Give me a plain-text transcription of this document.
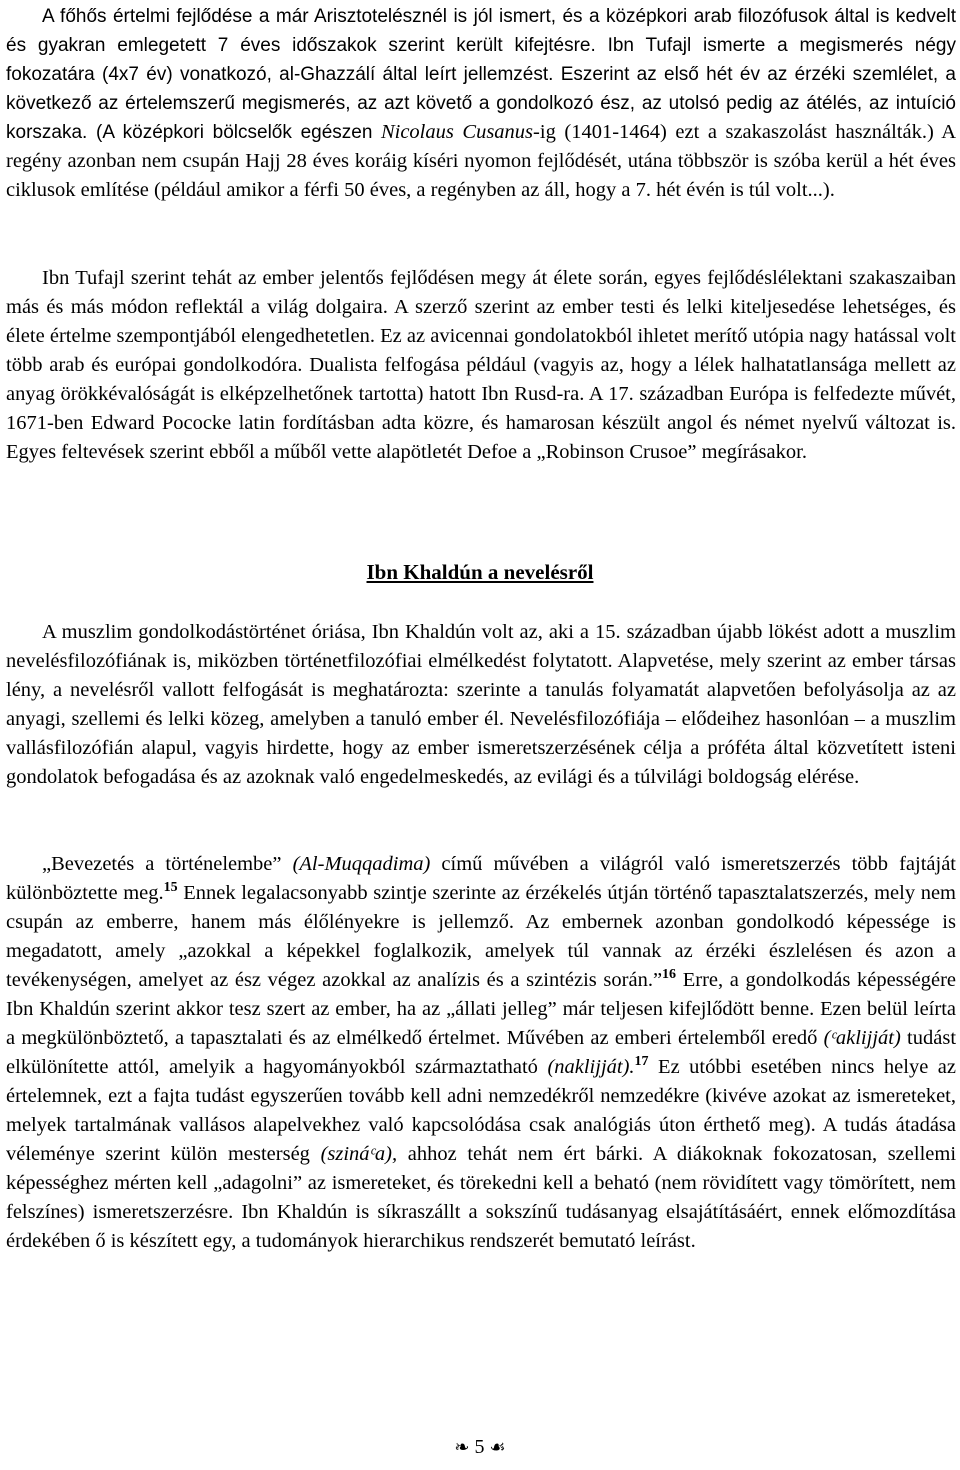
A főhős értelmi fejlődése a már Arisztotelésznél is jól ismert, és a középkori arab filozófusok által is kedvelt és gyakran emlegetett 7 éves időszakok szerint került kifejtésre. Ibn Tufajl ismerte a megismerés négy fokozatára (4x7 év) vonatkozó, al-Ghazzálí által leírt jellemzést. Eszerint az első hét év az érzéki szemlélet, a következő az értelemszerű megismerés, az azt követő a gondolkozó ész, az utolsó pedig az átélés, az intuíció korszaka. (A középkori bölcselők egészen Nicolaus Cusanus-ig (1401-1464) ezt a szakaszolást használták.) A regény azonban nem csupán Hajj 28 éves koráig kíséri nyomon fejlődését, utána többször is szóba kerül a hét éves ciklusok említése (például amikor a férfi 50 éves, a regényben az áll, hogy a 7. hét évén is túl volt...).

Ibn Tufajl szerint tehát az ember jelentős fejlődésen megy át élete során, egyes fejlődéslélektani szakaszaiban más és más módon reflektál a világ dolgaira. A szerző szerint az ember testi és lelki kiteljesedése lehetséges, és élete értelme szempontjából elengedhetetlen. Ez az avicennai gondolatokból ihletet merítő utópia nagy hatással volt több arab és európai gondolkodóra. Dualista felfogása például (vagyis az, hogy a lélek halhatatlansága mellett az anyag örökkévalóságát is elképzelhetőnek tartotta) hatott Ibn Rusd-ra. A 17. században Európa is felfedezte művét, 1671-ben Edward Pococke latin fordításban adta közre, és hamarosan készült angol és német nyelvű változat is. Egyes feltevések szerint ebből a műből vette alapötletét Defoe a „Robinson Crusoe” megírásakor.

Ibn Khaldún a nevelésről

A muszlim gondolkodástörténet óriása, Ibn Khaldún volt az, aki a 15. században újabb lökést adott a muszlim nevelésfilozófiának is, miközben történetfilozófiai elmélkedést folytatott. Alapvetése, mely szerint az ember társas lény, a nevelésről vallott felfogását is meghatározta: szerinte a tanulás folyamatát alapvetően befolyásolja az az anyagi, szellemi és lelki közeg, amelyben a tanuló ember él. Nevelésfilozófiája – elődeihez hasonlóan – a muszlim vallásfilozófián alapul, vagyis hirdette, hogy az ember ismeretszerzésének célja a próféta által közvetített isteni gondolatok befogadása és az azoknak való engedelmeskedés, az evilági és a túlvilági boldogság elérése.

„Bevezetés a történelembe” (Al-Muqqadima) című művében a világról való ismeretszerzés több fajtáját különböztette meg.$^{15}$ Ennek legalacsonyabb szintje szerinte az érzékelés útján történő tapasztalatszerzés, mely nem csupán az emberre, hanem más élőlényekre is jellemző. Az embernek azonban gondolkodó képessége is megadatott, amely „azokkal a képekkel foglalkozik, amelyek túl vannak az érzéki észlelésen és azon a tevékenységen, amelyet az ész végez azokkal az analízis és a szintézis során.”$^{16}$ Erre, a gondolkodás képességére Ibn Khaldún szerint akkor tesz szert az ember, ha az „állati jelleg” már teljesen kifejlődött benne. Ezen belül leírta a megkülönböztető, a tapasztalati és az elmélkedő értelmet. Művében az emberi értelemből eredő (ᶜaklijját) tudást elkülönítette attól, amelyik a hagyományokból származtatható (naklijját).$^{17}$ Ez utóbbi esetében nincs helye az értelemnek, ezt a fajta tudást egyszerűen tovább kell adni nemzedékről nemzedékre (kivéve azokat az ismereteket, melyek tartalmának vallásos alapelvekhez való kapcsolódása csak analógiás úton érthető meg). A tudás átadása véleménye szerint külön mesterség (szináᶜa), ahhoz tehát nem ért bárki. A diákoknak fokozatosan, szellemi képességhez mérten kell „adagolni” az ismereteket, és törekedni kell a beható (nem rövidített vagy tömörített, nem felszínes) ismeretszerzésre. Ibn Khaldún is síkraszállt a sokszínű tudásanyag elsajátításáért, ennek előmozdítása érdekében ő is készített egy, a tudományok hierarchikus rendszerét bemutató leírást.

❧ 5 ☙
